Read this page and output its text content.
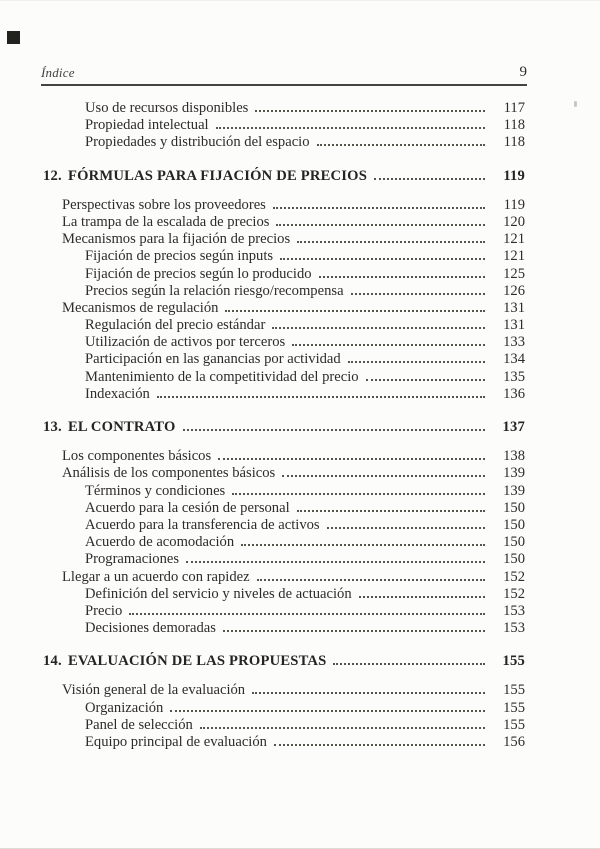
Índice	9
Uso de recursos disponibles	117
Propiedad intelectual	118
Propiedades y distribución del espacio	118
12. FÓRMULAS PARA FIJACIÓN DE PRECIOS	119
Perspectivas sobre los proveedores	119
La trampa de la escalada de precios	120
Mecanismos para la fijación de precios	121
Fijación de precios según inputs	121
Fijación de precios según lo producido	125
Precios según la relación riesgo/recompensa	126
Mecanismos de regulación	131
Regulación del precio estándar	131
Utilización de activos por terceros	133
Participación en las ganancias por actividad	134
Mantenimiento de la competitividad del precio	135
Indexación	136
13. EL CONTRATO	137
Los componentes básicos	138
Análisis de los componentes básicos	139
Términos y condiciones	139
Acuerdo para la cesión de personal	150
Acuerdo para la transferencia de activos	150
Acuerdo de acomodación	150
Programaciones	150
Llegar a un acuerdo con rapidez	152
Definición del servicio y niveles de actuación	152
Precio	153
Decisiones demoradas	153
14. EVALUACIÓN DE LAS PROPUESTAS	155
Visión general de la evaluación	155
Organización	155
Panel de selección	155
Equipo principal de evaluación	156
